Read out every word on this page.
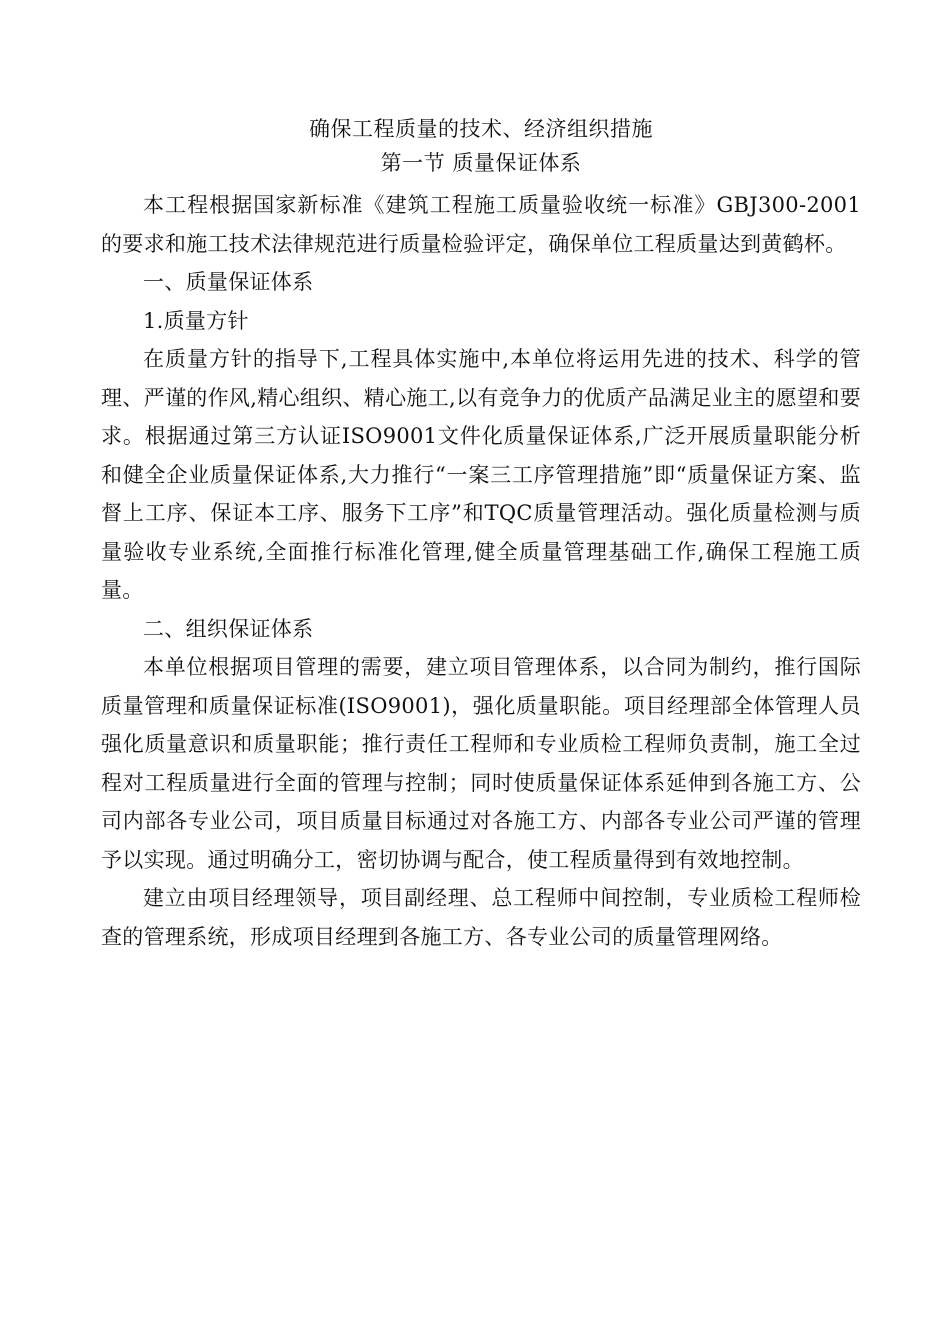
确保工程质量的技术、经济组织措施

第一节 质量保证体系

本工程根据国家新标准《建筑工程施工质量验收统一标准》GBJ300-2001的要求和施工技术法律规范进行质量检验评定，确保单位工程质量达到黄鹤杯。

一、质量保证体系

1.质量方针

在质量方针的指导下,工程具体实施中,本单位将运用先进的技术、科学的管理、严谨的作风,精心组织、精心施工,以有竞争力的优质产品满足业主的愿望和要求。根据通过第三方认证ISO9001文件化质量保证体系,广泛开展质量职能分析和健全企业质量保证体系,大力推行“一案三工序管理措施”即“质量保证方案、监督上工序、保证本工序、服务下工序”和TQC质量管理活动。强化质量检测与质量验收专业系统,全面推行标准化管理,健全质量管理基础工作,确保工程施工质量。

二、组织保证体系

本单位根据项目管理的需要，建立项目管理体系，以合同为制约，推行国际质量管理和质量保证标准(ISO9001)，强化质量职能。项目经理部全体管理人员强化质量意识和质量职能；推行责任工程师和专业质检工程师负责制，施工全过程对工程质量进行全面的管理与控制；同时使质量保证体系延伸到各施工方、公司内部各专业公司，项目质量目标通过对各施工方、内部各专业公司严谨的管理予以实现。通过明确分工，密切协调与配合，使工程质量得到有效地控制。

建立由项目经理领导，项目副经理、总工程师中间控制，专业质检工程师检查的管理系统，形成项目经理到各施工方、各专业公司的质量管理网络。
